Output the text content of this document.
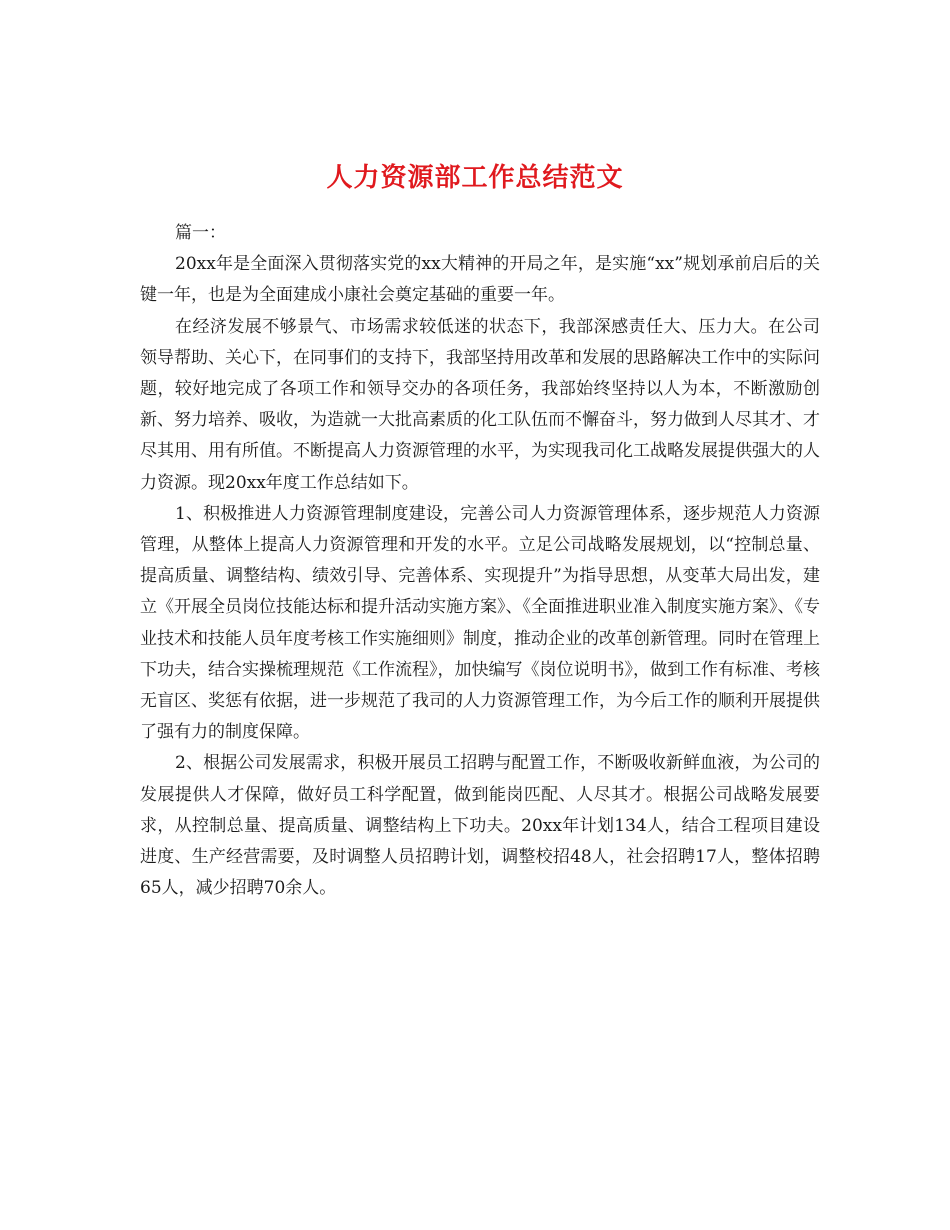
人力资源部工作总结范文

篇一：

20xx年是全面深入贯彻落实党的xx大精神的开局之年，是实施“xx”规划承前启后的关键一年，也是为全面建成小康社会奠定基础的重要一年。

在经济发展不够景气、市场需求较低迷的状态下，我部深感责任大、压力大。在公司领导帮助、关心下，在同事们的支持下，我部坚持用改革和发展的思路解决工作中的实际问题，较好地完成了各项工作和领导交办的各项任务，我部始终坚持以人为本，不断激励创新、努力培养、吸收，为造就一大批高素质的化工队伍而不懈奋斗，努力做到人尽其才、才尽其用、用有所值。不断提高人力资源管理的水平，为实现我司化工战略发展提供强大的人力资源。现20xx年度工作总结如下。

1、积极推进人力资源管理制度建设，完善公司人力资源管理体系，逐步规范人力资源管理，从整体上提高人力资源管理和开发的水平。立足公司战略发展规划，以“控制总量、提高质量、调整结构、绩效引导、完善体系、实现提升”为指导思想，从变革大局出发，建立《开展全员岗位技能达标和提升活动实施方案》、《全面推进职业准入制度实施方案》、《专业技术和技能人员年度考核工作实施细则》制度，推动企业的改革创新管理。同时在管理上下功夫，结合实操梳理规范《工作流程》，加快编写《岗位说明书》，做到工作有标准、考核无盲区、奖惩有依据，进一步规范了我司的人力资源管理工作，为今后工作的顺利开展提供了强有力的制度保障。

2、根据公司发展需求，积极开展员工招聘与配置工作，不断吸收新鲜血液，为公司的发展提供人才保障，做好员工科学配置，做到能岗匹配、人尽其才。根据公司战略发展要求，从控制总量、提高质量、调整结构上下功夫。20xx年计划134人，结合工程项目建设进度、生产经营需要，及时调整人员招聘计划，调整校招48人，社会招聘17人，整体招聘65人，减少招聘70余人。
